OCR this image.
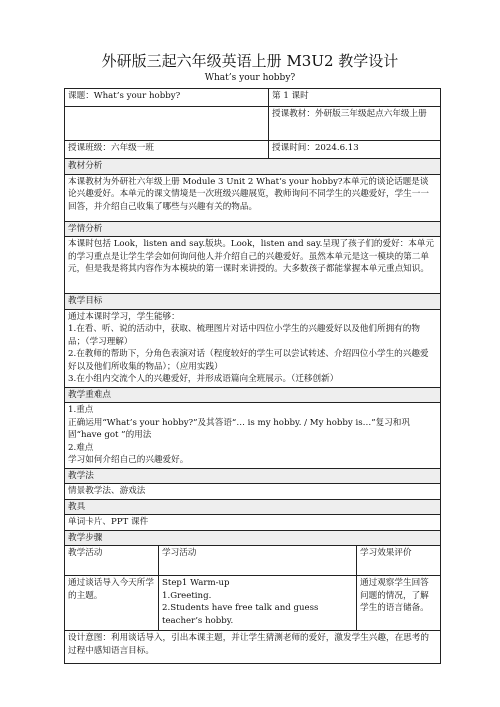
外研版三起六年级英语上册 M3U2 教学设计
What’s your hobby?
课题：What’s your hobby?		第 1 课时	
		授课教材：外研版三年级起点六年级上册	
授课班级：六年级一班		授课时间：2024.6.13	
教材分析			
本课教材为外研社六年级上册 Module 3 Unit 2 What’s your hobby?本单元的谈论话题是谈论兴趣爱好。本单元的课文情境是一次班级兴趣展览，教师询问不同学生的兴趣爱好，学生一一回答，并介绍自己收集了哪些与兴趣有关的物品。			
学情分析			
本课时包括 Look，listen and say.版块。Look，listen and say.呈现了孩子们的爱好：本单元的学习重点是让学生学会如何询问他人并介绍自己的兴趣爱好。虽然本单元是这一模块的第二单元，但是我是将其内容作为本模块的第一课时来讲授的。大多数孩子都能掌握本单元重点知识。			
教学目标			

通过本课时学习，学生能够：
1.在看、听、说的活动中，获取、梳理图片对话中四位小学生的兴趣爱好以及他们所拥有的物品；（学习理解）
2.在教师的帮助下，分角色表演对话（程度较好的学生可以尝试转述、介绍四位小学生的兴趣爱好以及他们所收集的物品）；（应用实践）
3.在小组内交流个人的兴趣爱好，并形成语篇向全班展示。（迁移创新）			

教学重难点			

1.重点
正确运用“What’s your hobby?”及其答语“… is my hobby. / My hobby is…”复习和巩固“have got ”的用法
2.难点
学习如何介绍自己的兴趣爱好。			

教学法			
情景教学法、游戏法			
教具			
单词卡片、PPT 课件			
教学步骤			
教学活动	学习活动		学习效果评价
通过谈话导入今天所学的主题。	Step1 Warm-up
1.Greeting.
2.Students have free talk and guess teacher’s hobby.		通过观察学生回答问题的情况，了解学生的语言储备。
设计意图：利用谈话导入，引出本课主题，并让学生猜测老师的爱好，激发学生兴趣，在思考的过程中感知语言目标。			
